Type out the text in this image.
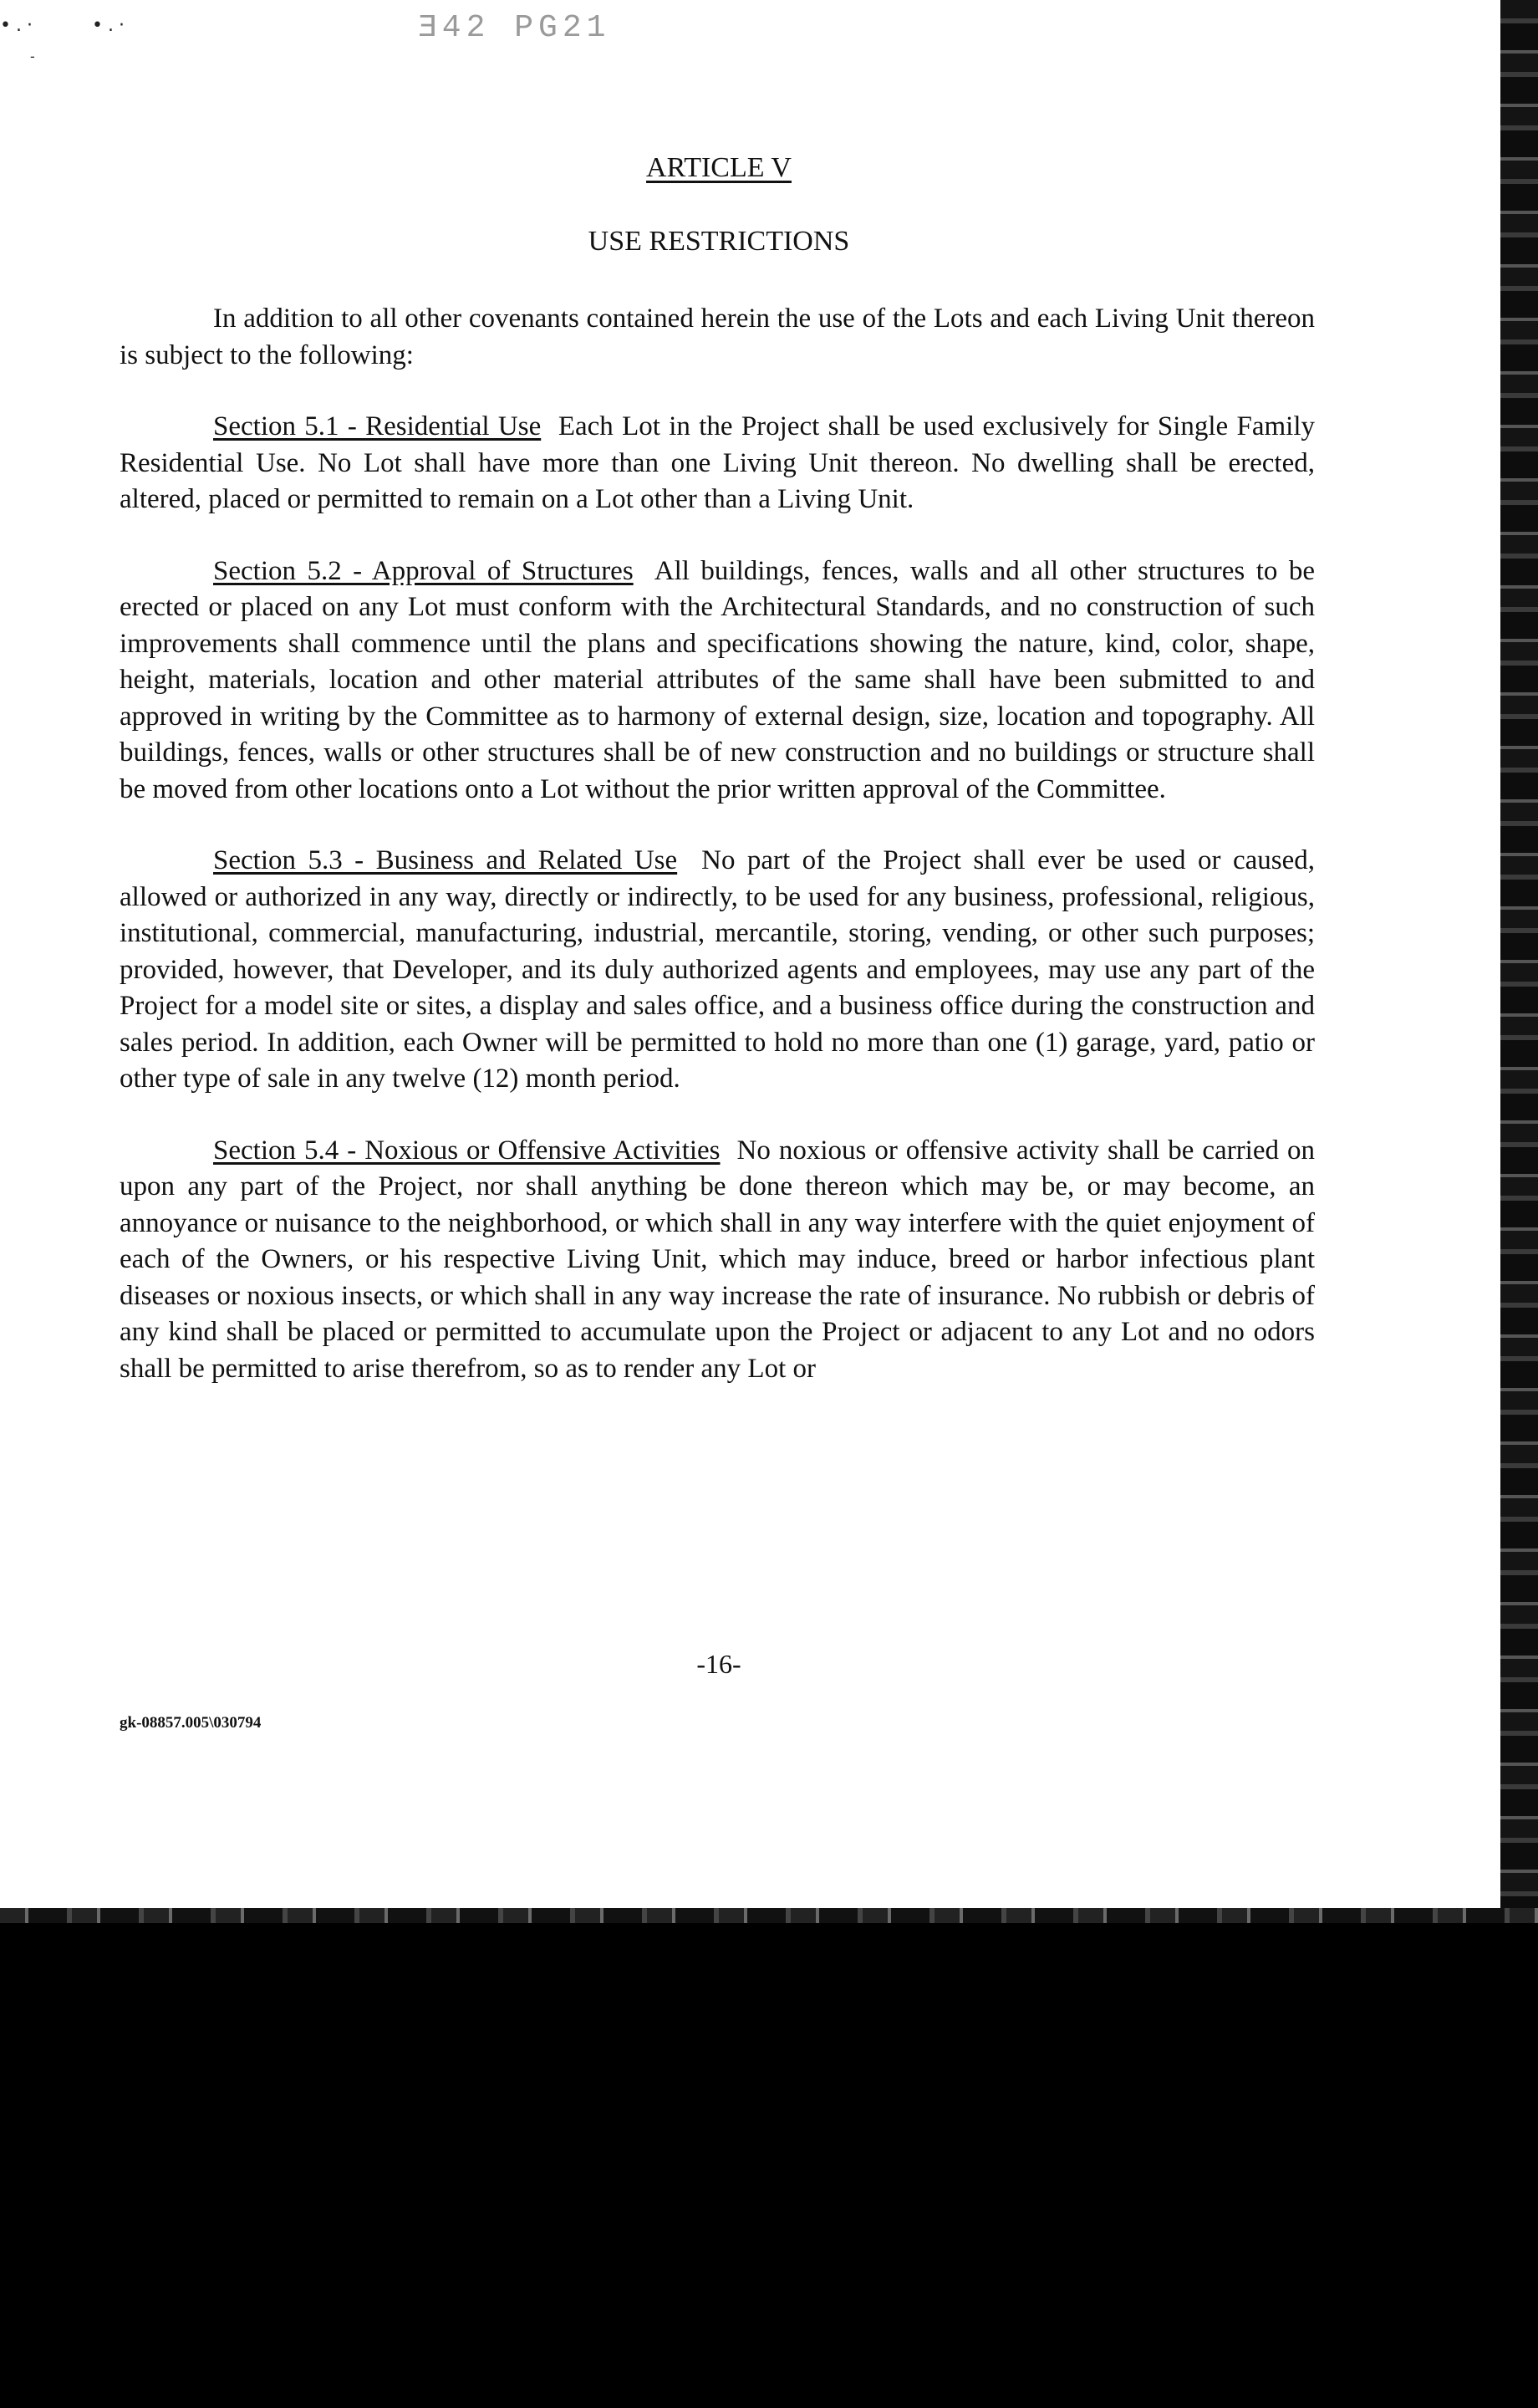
•.·	•.·
-
Ǝ42 PG21
ARTICLE V
USE RESTRICTIONS

In addition to all other covenants contained herein the use of the Lots and each Living Unit thereon is subject to the following:

Section 5.1 - Residential Use Each Lot in the Project shall be used exclusively for Single Family Residential Use. No Lot shall have more than one Living Unit thereon. No dwelling shall be erected, altered, placed or permitted to remain on a Lot other than a Living Unit.

Section 5.2 - Approval of Structures All buildings, fences, walls and all other structures to be erected or placed on any Lot must conform with the Architectural Standards, and no construction of such improvements shall commence until the plans and specifications showing the nature, kind, color, shape, height, materials, location and other material attributes of the same shall have been submitted to and approved in writing by the Committee as to harmony of external design, size, location and topography. All buildings, fences, walls or other structures shall be of new construction and no buildings or structure shall be moved from other locations onto a Lot without the prior written approval of the Committee.

Section 5.3 - Business and Related Use No part of the Project shall ever be used or caused, allowed or authorized in any way, directly or indirectly, to be used for any business, professional, religious, institutional, commercial, manufacturing, industrial, mercantile, storing, vending, or other such purposes; provided, however, that Developer, and its duly authorized agents and employees, may use any part of the Project for a model site or sites, a display and sales office, and a business office during the construction and sales period. In addition, each Owner will be permitted to hold no more than one (1) garage, yard, patio or other type of sale in any twelve (12) month period.

Section 5.4 - Noxious or Offensive Activities No noxious or offensive activity shall be carried on upon any part of the Project, nor shall anything be done thereon which may be, or may become, an annoyance or nuisance to the neighborhood, or which shall in any way interfere with the quiet enjoyment of each of the Owners, or his respective Living Unit, which may induce, breed or harbor infectious plant diseases or noxious insects, or which shall in any way increase the rate of insurance. No rubbish or debris of any kind shall be placed or permitted to accumulate upon the Project or adjacent to any Lot and no odors shall be permitted to arise therefrom, so as to render any Lot or

-16-
gk-08857.005\030794
